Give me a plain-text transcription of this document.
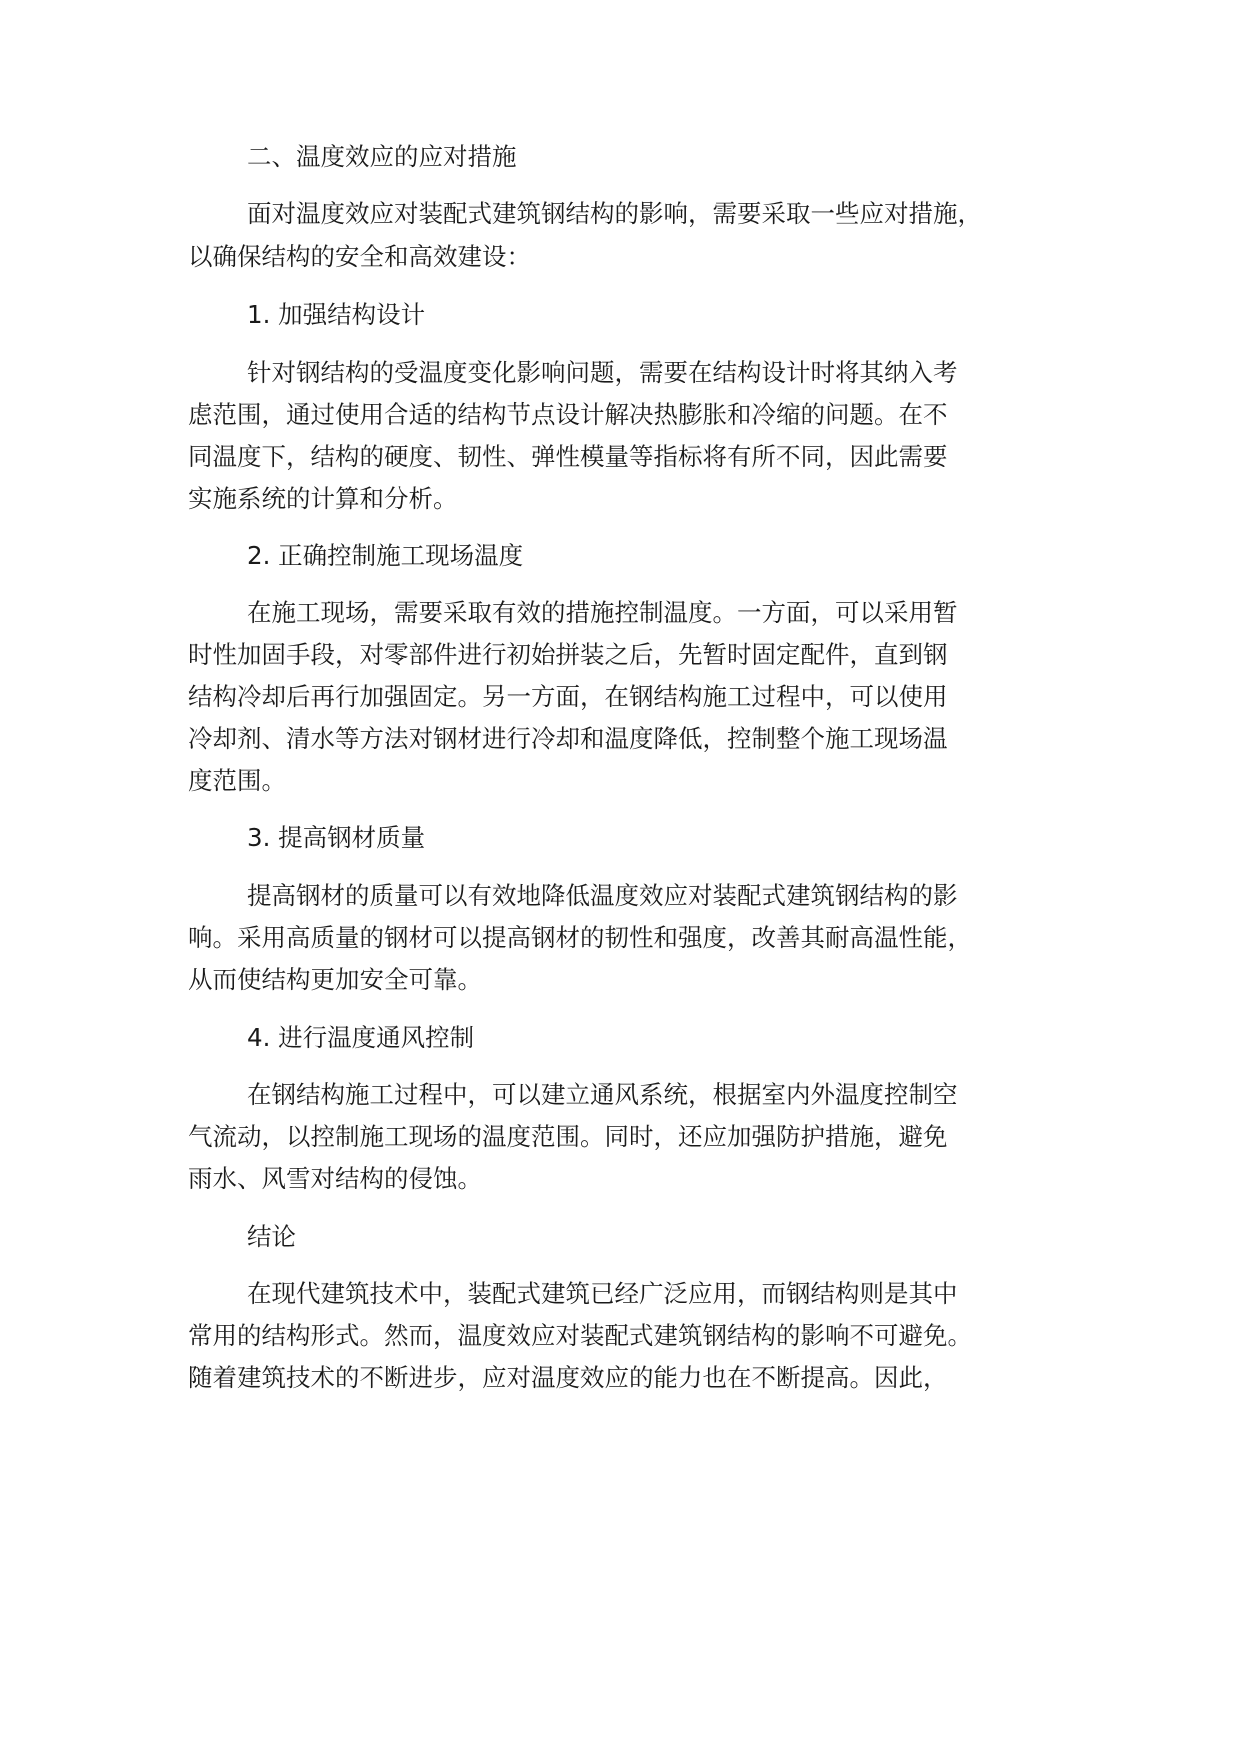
二、温度效应的应对措施

面对温度效应对装配式建筑钢结构的影响，需要采取一些应对措施，

以确保结构的安全和高效建设：

1. 加强结构设计

针对钢结构的受温度变化影响问题，需要在结构设计时将其纳入考

虑范围，通过使用合适的结构节点设计解决热膨胀和冷缩的问题。在不

同温度下，结构的硬度、韧性、弹性模量等指标将有所不同，因此需要

实施系统的计算和分析。

2. 正确控制施工现场温度

在施工现场，需要采取有效的措施控制温度。一方面，可以采用暂

时性加固手段，对零部件进行初始拼装之后，先暂时固定配件，直到钢

结构冷却后再行加强固定。另一方面，在钢结构施工过程中，可以使用

冷却剂、清水等方法对钢材进行冷却和温度降低，控制整个施工现场温

度范围。

3. 提高钢材质量

提高钢材的质量可以有效地降低温度效应对装配式建筑钢结构的影

响。采用高质量的钢材可以提高钢材的韧性和强度，改善其耐高温性能，

从而使结构更加安全可靠。

4. 进行温度通风控制

在钢结构施工过程中，可以建立通风系统，根据室内外温度控制空

气流动，以控制施工现场的温度范围。同时，还应加强防护措施，避免

雨水、风雪对结构的侵蚀。

结论

在现代建筑技术中，装配式建筑已经广泛应用，而钢结构则是其中

常用的结构形式。然而，温度效应对装配式建筑钢结构的影响不可避免。

随着建筑技术的不断进步，应对温度效应的能力也在不断提高。因此，
